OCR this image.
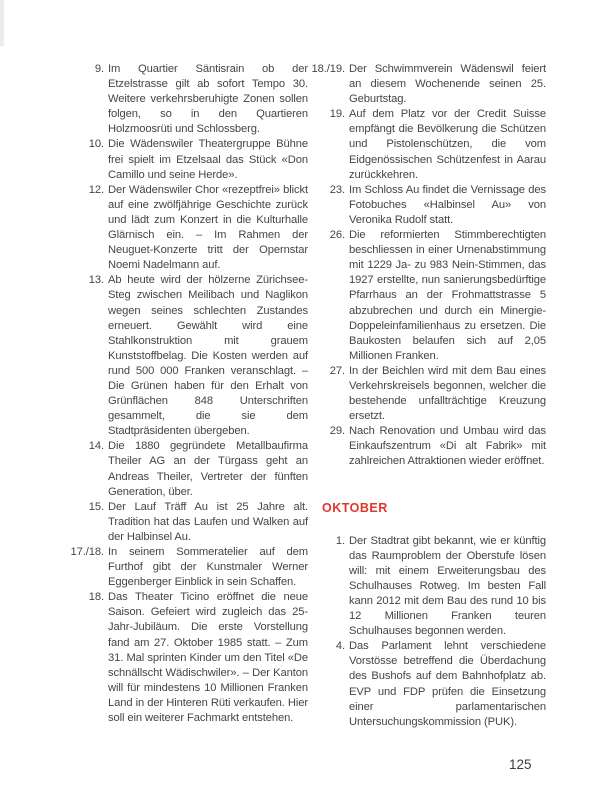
9. Im Quartier Säntisrain ob der Etzelstrasse gilt ab sofort Tempo 30. Weitere verkehrsberuhigte Zonen sollen folgen, so in den Quartieren Holzmoosrüti und Schlossberg.
10. Die Wädenswiler Theatergruppe Bühne frei spielt im Etzelsaal das Stück «Don Camillo und seine Herde».
12. Der Wädenswiler Chor «rezeptfrei» blickt auf eine zwölfjährige Geschichte zurück und lädt zum Konzert in die Kulturhalle Glärnisch ein. – Im Rahmen der Neuguet-Konzerte tritt der Opernstar Noemi Nadelmann auf.
13. Ab heute wird der hölzerne Zürichsee-Steg zwischen Meilibach und Naglikon wegen seines schlechten Zustandes erneuert. Gewählt wird eine Stahlkonstruktion mit grauem Kunststoffbelag. Die Kosten werden auf rund 500 000 Franken veranschlagt. – Die Grünen haben für den Erhalt von Grünflächen 848 Unterschriften gesammelt, die sie dem Stadtpräsidenten übergeben.
14. Die 1880 gegründete Metallbaufirma Theiler AG an der Türgass geht an Andreas Theiler, Vertreter der fünften Generation, über.
15. Der Lauf Träff Au ist 25 Jahre alt. Tradition hat das Laufen und Walken auf der Halbinsel Au.
17./18. In seinem Sommeratelier auf dem Furthof gibt der Kunstmaler Werner Eggenberger Einblick in sein Schaffen.
18. Das Theater Ticino eröffnet die neue Saison. Gefeiert wird zugleich das 25-Jahr-Jubiläum. Die erste Vorstellung fand am 27. Oktober 1985 statt. – Zum 31. Mal sprinten Kinder um den Titel «De schnällscht Wädischwiler». – Der Kanton will für mindestens 10 Millionen Franken Land in der Hinteren Rüti verkaufen. Hier soll ein weiterer Fachmarkt entstehen.
18./19. Der Schwimmverein Wädenswil feiert an diesem Wochenende seinen 25. Geburtstag.
19. Auf dem Platz vor der Credit Suisse empfängt die Bevölkerung die Schützen und Pistolenschützen, die vom Eidgenössischen Schützenfest in Aarau zurückkehren.
23. Im Schloss Au findet die Vernissage des Fotobuches «Halbinsel Au» von Veronika Rudolf statt.
26. Die reformierten Stimmberechtigten beschliessen in einer Urnenabstimmung mit 1229 Ja- zu 983 Nein-Stimmen, das 1927 erstellte, nun sanierungsbedürftige Pfarrhaus an der Frohmattstrasse 5 abzubrechen und durch ein Minergie-Doppeleinfamilienhaus zu ersetzen. Die Baukosten belaufen sich auf 2,05 Millionen Franken.
27. In der Beichlen wird mit dem Bau eines Verkehrskreisels begonnen, welcher die bestehende unfallträchtige Kreuzung ersetzt.
29. Nach Renovation und Umbau wird das Einkaufszentrum «Di alt Fabrik» mit zahlreichen Attraktionen wieder eröffnet.
OKTOBER
1. Der Stadtrat gibt bekannt, wie er künftig das Raumproblem der Oberstufe lösen will: mit einem Erweiterungsbau des Schulhauses Rotweg. Im besten Fall kann 2012 mit dem Bau des rund 10 bis 12 Millionen Franken teuren Schulhauses begonnen werden.
4. Das Parlament lehnt verschiedene Vorstösse betreffend die Überdachung des Bushofs auf dem Bahnhofplatz ab. EVP und FDP prüfen die Einsetzung einer parlamentarischen Untersuchungskommission (PUK).
125
